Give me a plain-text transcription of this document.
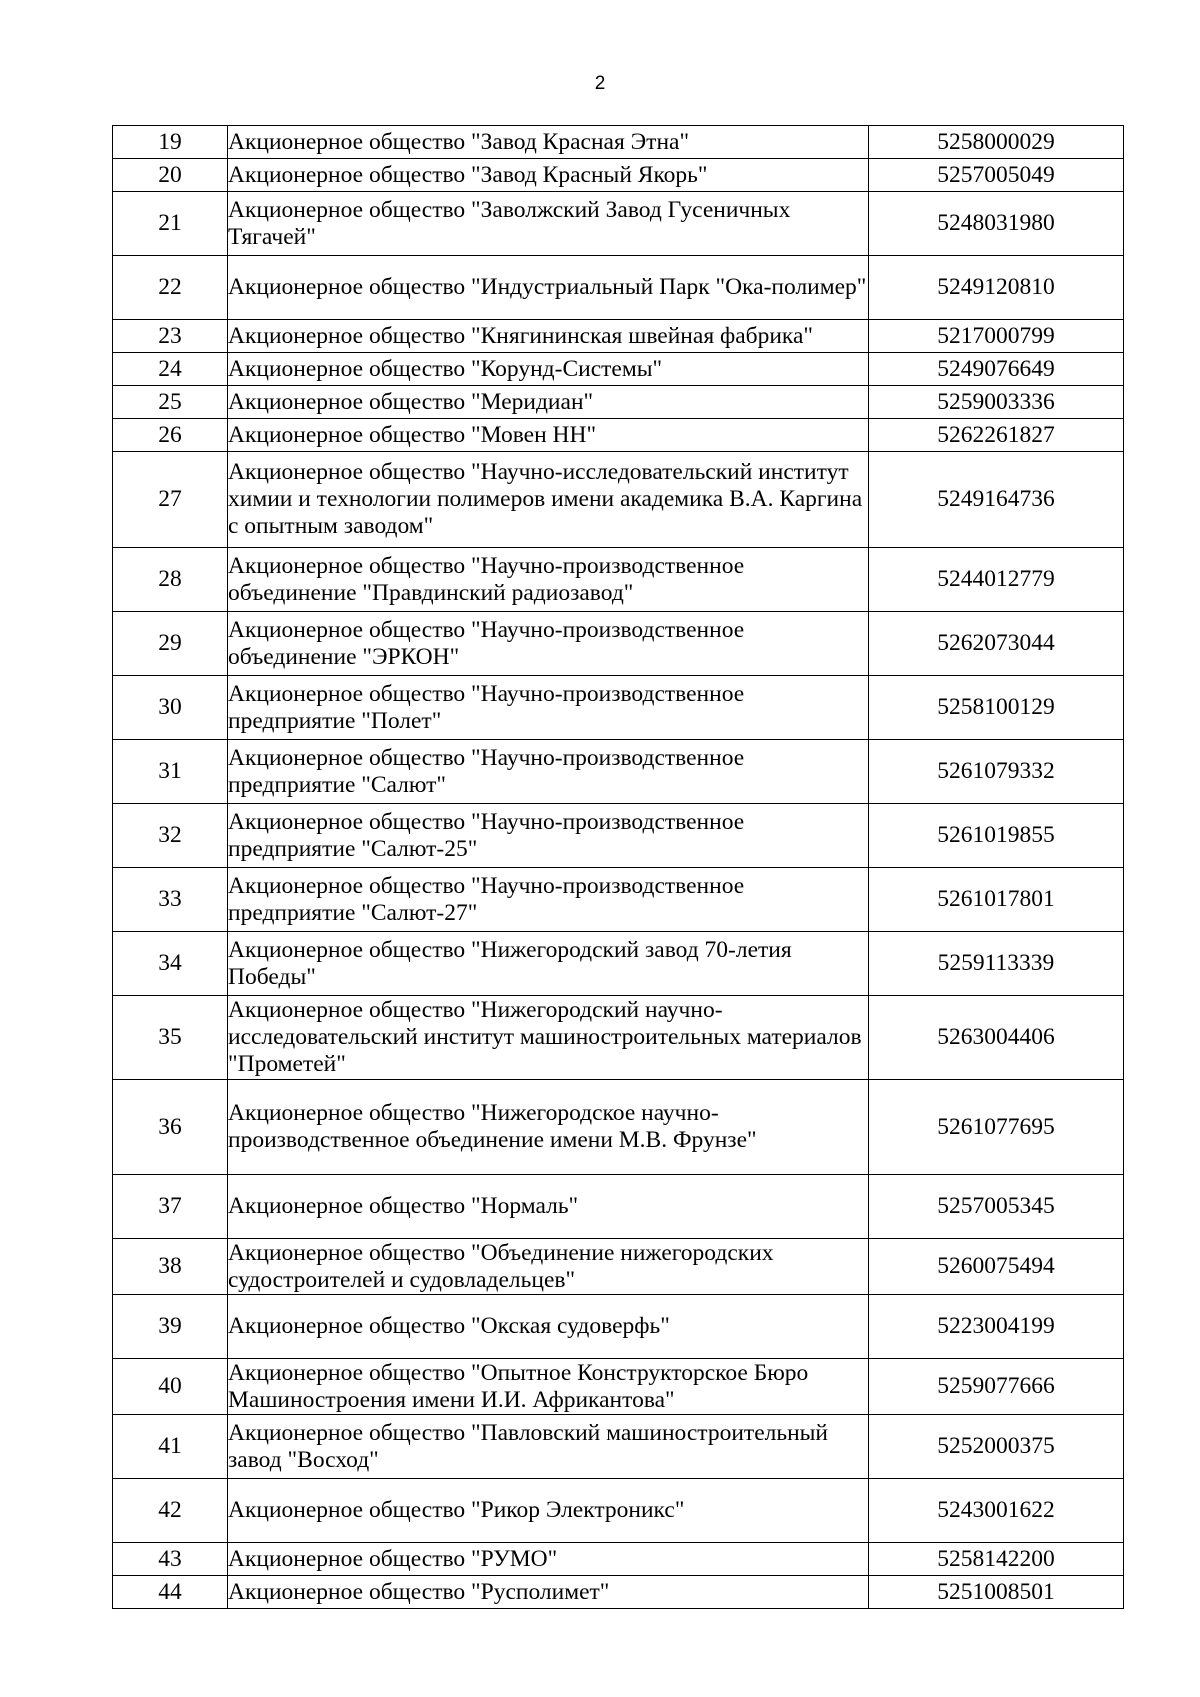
2
19	Акционерное общество "Завод Красная Этна"	5258000029
20	Акционерное общество "Завод Красный Якорь"	5257005049
21	Акционерное общество "Заволжский Завод Гусеничных Тягачей"	5248031980
22	Акционерное общество "Индустриальный Парк "Ока-полимер"	5249120810
23	Акционерное общество "Княгининская швейная фабрика"	5217000799
24	Акционерное общество "Корунд-Системы"	5249076649
25	Акционерное общество "Меридиан"	5259003336
26	Акционерное общество "Мовен НН"	5262261827
27	Акционерное общество "Научно-исследовательский институт химии и технологии полимеров имени академика В.А. Каргина с опытным заводом"	5249164736
28	Акционерное общество "Научно-производственное объединение "Правдинский радиозавод"	5244012779
29	Акционерное общество "Научно-производственное объединение "ЭРКОН"	5262073044
30	Акционерное общество "Научно-производственное предприятие "Полет"	5258100129
31	Акционерное общество "Научно-производственное предприятие "Салют"	5261079332
32	Акционерное общество "Научно-производственное предприятие "Салют-25"	5261019855
33	Акционерное общество "Научно-производственное предприятие "Салют-27"	5261017801
34	Акционерное общество "Нижегородский завод 70-летия Победы"	5259113339
35	Акционерное общество "Нижегородский научно-исследовательский институт машиностроительных материалов "Прометей"	5263004406
36	Акционерное общество "Нижегородское научно-производственное объединение имени М.В. Фрунзе"	5261077695
37	Акционерное общество "Нормаль"	5257005345
38	Акционерное общество "Объединение нижегородских судостроителей и судовладельцев"	5260075494
39	Акционерное общество "Окская судоверфь"	5223004199
40	Акционерное общество "Опытное Конструкторское Бюро Машиностроения имени И.И. Африкантова"	5259077666
41	Акционерное общество "Павловский машиностроительный завод "Восход"	5252000375
42	Акционерное общество "Рикор Электроникс"	5243001622
43	Акционерное общество "РУМО"	5258142200
44	Акционерное общество "Русполимет"	5251008501
